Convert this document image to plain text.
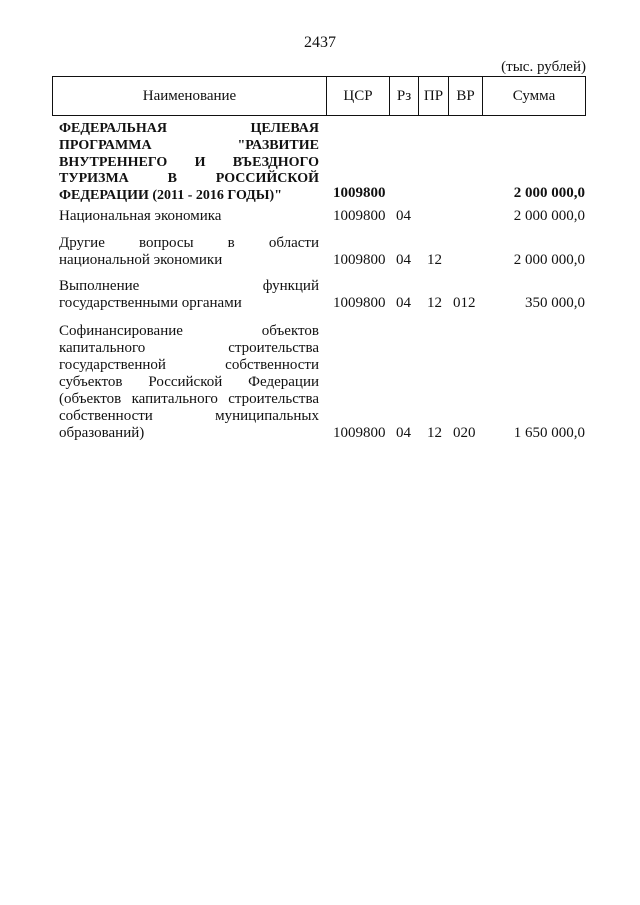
2437
(тыс. рублей)
Наименование	ЦСР	Рз ПР ВР	Сумма
ФЕДЕРАЛЬНАЯ ЦЕЛЕВАЯ ПРОГРАММА "РАЗВИТИЕ ВНУТРЕННЕГО И ВЪЕЗДНОГО ТУРИЗМА В РОССИЙСКОЙ ФЕДЕРАЦИИ (2011 - 2016 ГОДЫ)"	1009800	2 000 000,0
Национальная экономика	1009800 04	2 000 000,0
Другие вопросы в области национальной экономики	1009800 04 12	2 000 000,0
Выполнение функций государственными органами	1009800 04 12 012	350 000,0
Софинансирование объектов капитального строительства государственной собственности субъектов Российской Федерации (объектов капитального строительства собственности муниципальных образований)	1009800 04 12 020	1 650 000,0
